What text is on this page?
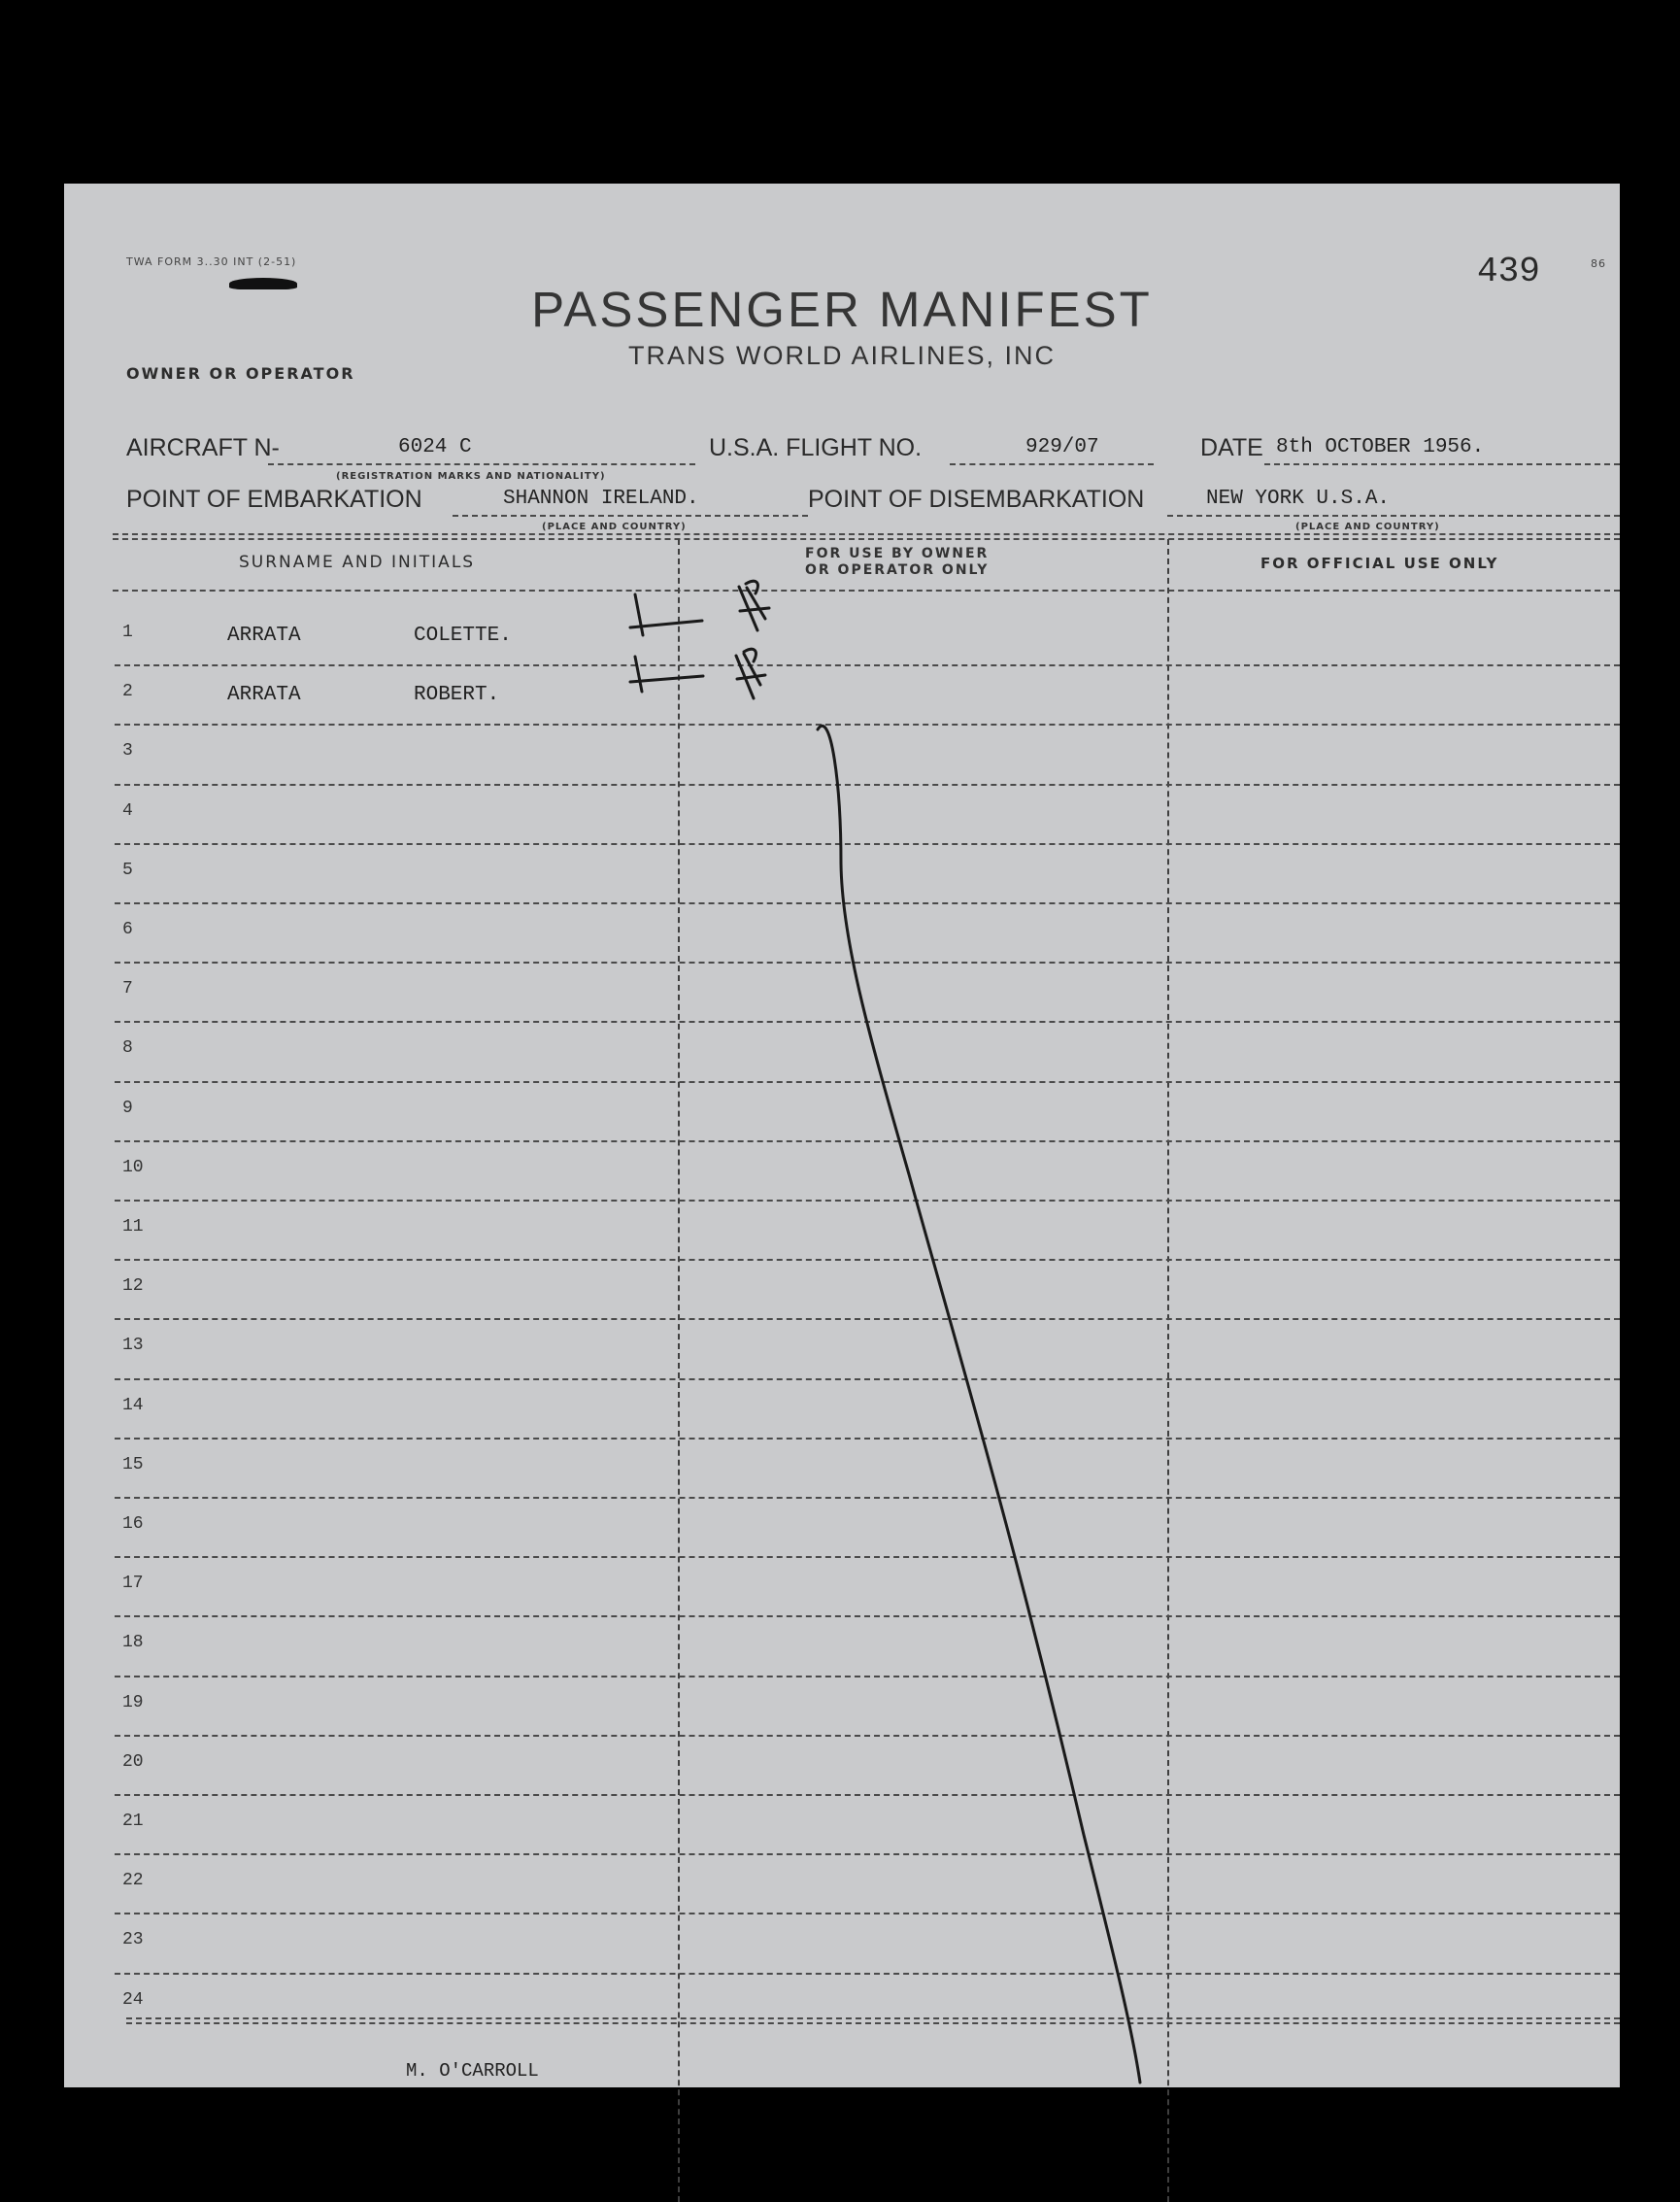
TWA FORM 3..30 INT (2-51)	439	86
PASSENGER MANIFEST
TRANS WORLD AIRLINES, INC
OWNER OR OPERATOR
AIRCRAFT N-	6024 C
(REGISTRATION MARKS AND NATIONALITY)
U.S.A. FLIGHT NO.	929/07	DATE 8th OCTOBER 1956.
POINT OF EMBARKATION	SHANNON IRELAND.
(PLACE AND COUNTRY)
POINT OF DISEMBARKATION	NEW YORK U.S.A.
(PLACE AND COUNTRY)
SURNAME AND INITIALS	FOR USE BY OWNER
OR OPERATOR ONLY	FOR OFFICIAL USE ONLY
1	ARRATA	COLETTE.
2	ARRATA	ROBERT.
3
4
5
6
7
8
9
10
11
12
13
14
15
16
17
18
19
20
21
22
23
24
M. O'CARROLL
